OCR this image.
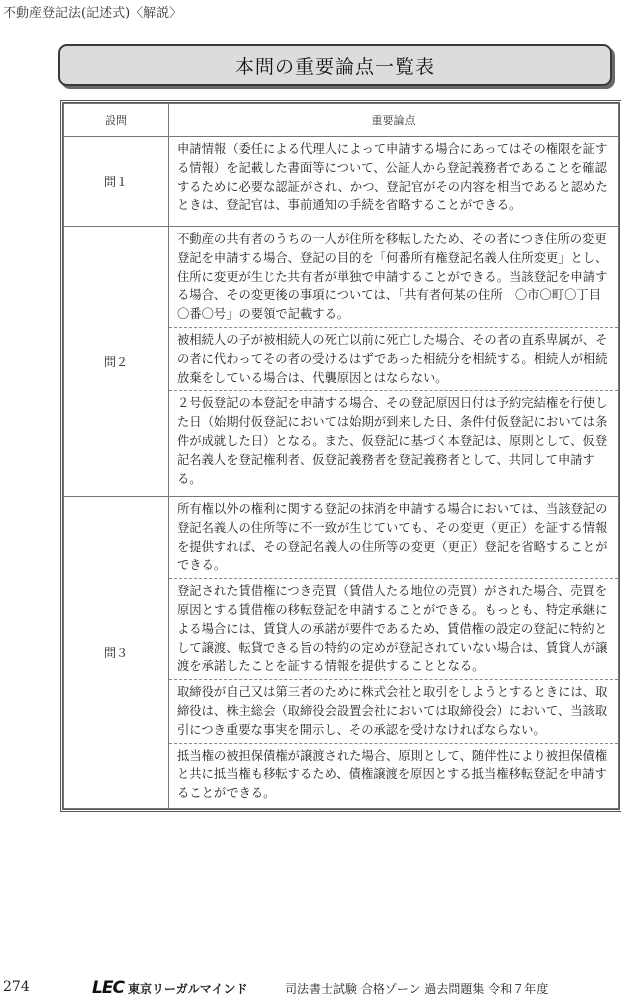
不動産登記法(記述式)〈解説〉
本問の重要論点一覧表
設問	重要論点
問１	申請情報（委任による代理人によって申請する場合にあってはその権限を証する情報）を記載した書面等について、公証人から登記義務者であることを確認するために必要な認証がされ、かつ、登記官がその内容を相当であると認めたときは、登記官は、事前通知の手続を省略することができる。

問２	不動産の共有者のうちの一人が住所を移転したため、その者につき住所の変更登記を申請する場合、登記の目的を「何番所有権登記名義人住所変更」とし、住所に変更が生じた共有者が単独で申請することができる。当該登記を申請する場合、その変更後の事項については、「共有者何某の住所　〇市〇町〇丁目〇番〇号」の要領で記載する。
被相続人の子が被相続人の死亡以前に死亡した場合、その者の直系卑属が、その者に代わってその者の受けるはずであった相続分を相続する。相続人が相続放棄をしている場合は、代襲原因とはならない。
２号仮登記の本登記を申請する場合、その登記原因日付は予約完結権を行使した日（始期付仮登記においては始期が到来した日、条件付仮登記においては条件が成就した日）となる。また、仮登記に基づく本登記は、原則として、仮登記名義人を登記権利者、仮登記義務者を登記義務者として、共同して申請する。

問３	所有権以外の権利に関する登記の抹消を申請する場合においては、当該登記の登記名義人の住所等に不一致が生じていても、その変更（更正）を証する情報を提供すれば、その登記名義人の住所等の変更（更正）登記を省略することができる。
登記された賃借権につき売買（賃借人たる地位の売買）がされた場合、売買を原因とする賃借権の移転登記を申請することができる。もっとも、特定承継による場合には、賃貸人の承諾が要件であるため、賃借権の設定の登記に特約として譲渡、転貸できる旨の特約の定めが登記されていない場合は、賃貸人が譲渡を承諾したことを証する情報を提供することとなる。
取締役が自己又は第三者のために株式会社と取引をしようとするときには、取締役は、株主総会（取締役会設置会社においては取締役会）において、当該取引につき重要な事実を開示し、その承認を受けなければならない。
抵当権の被担保債権が譲渡された場合、原則として、随伴性により被担保債権と共に抵当権も移転するため、債権譲渡を原因とする抵当権移転登記を申請することができる。
274	LEC 東京リーガルマインド	司法書士試験 合格ゾーン 過去問題集 令和７年度
